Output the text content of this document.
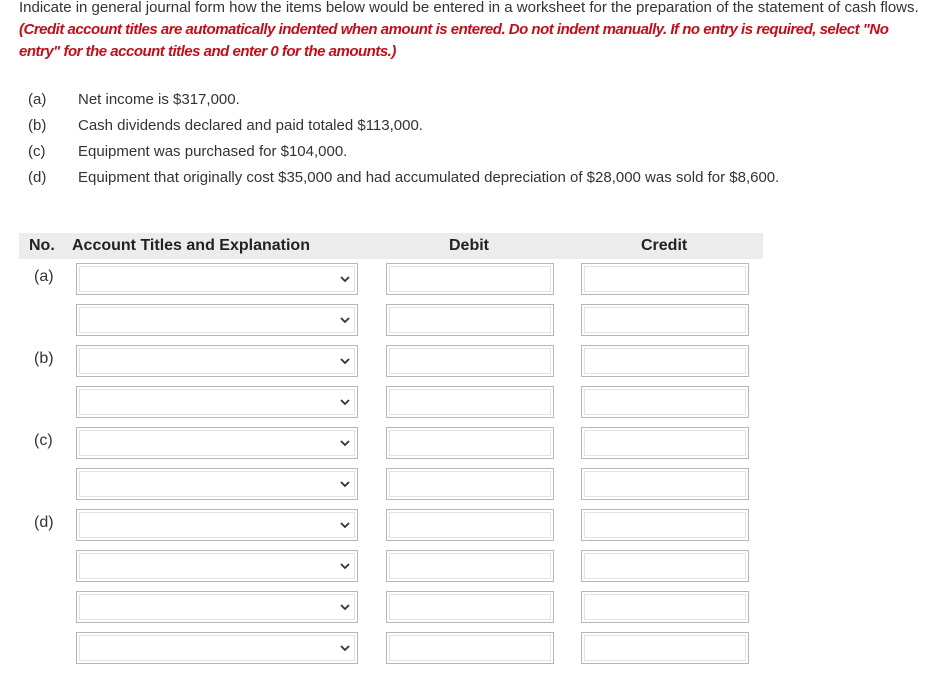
Indicate in general journal form how the items below would be entered in a worksheet for the preparation of the statement of cash flows. (Credit account titles are automatically indented when amount is entered. Do not indent manually. If no entry is required, select "No entry" for the account titles and enter 0 for the amounts.)
(a)	Net income is $317,000.
(b)	Cash dividends declared and paid totaled $113,000.
(c)	Equipment was purchased for $104,000.
(d)	Equipment that originally cost $35,000 and had accumulated depreciation of $28,000 was sold for $8,600.
No. Account Titles and Explanation	Debit	Credit
(a)
(b)
(c)
(d)
